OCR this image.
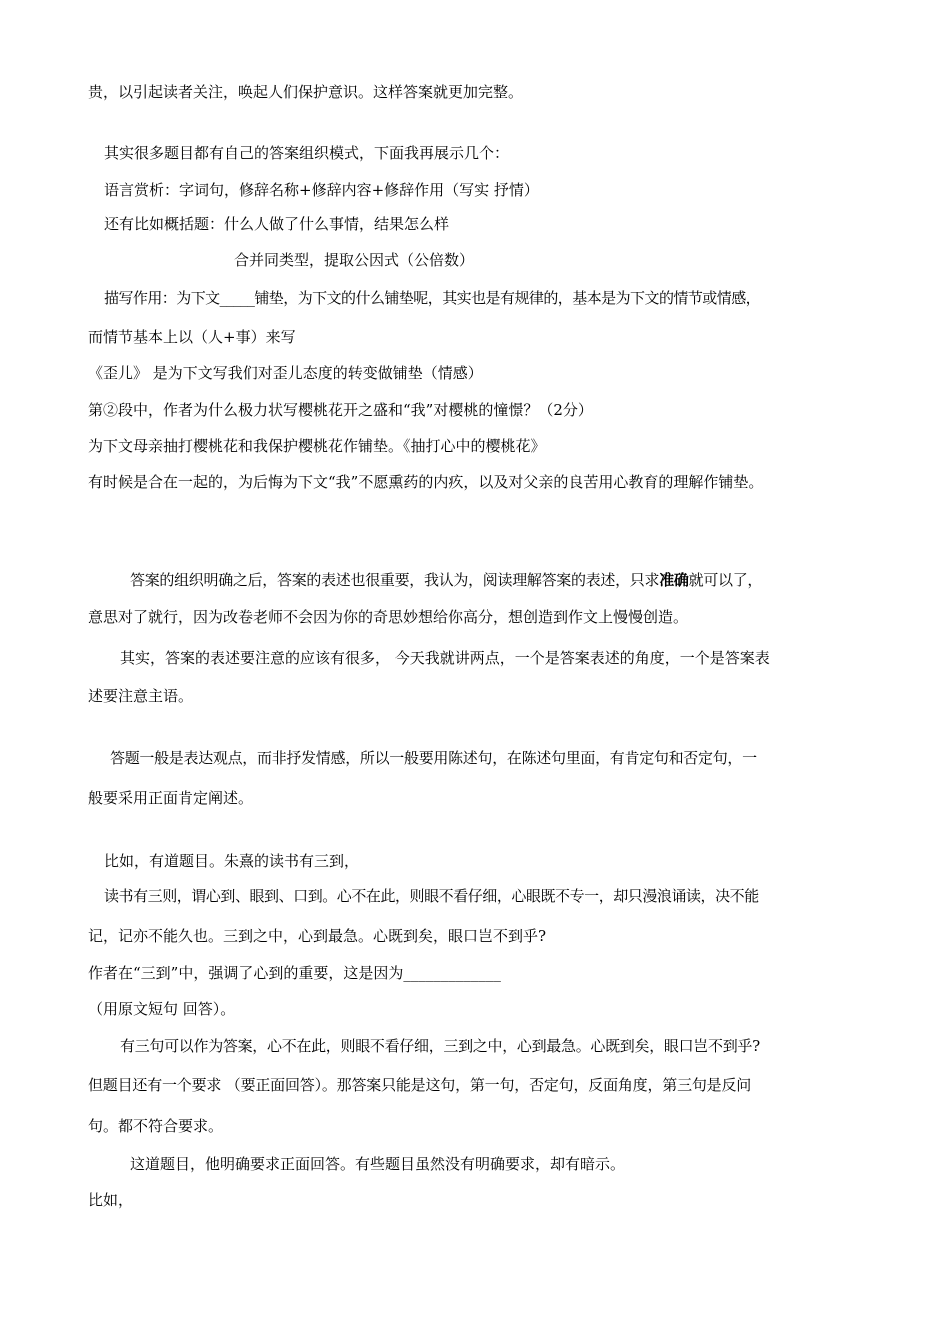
贵，以引起读者关注，唤起人们保护意识。这样答案就更加完整。
其实很多题目都有自己的答案组织模式，下面我再展示几个：
语言赏析：字词句，修辞名称+修辞内容+修辞作用（写实 抒情）
还有比如概括题：什么人做了什么事情，结果怎么样
合并同类型，提取公因式（公倍数）
描写作用：为下文_____铺垫，为下文的什么铺垫呢，其实也是有规律的，基本是为下文的情节或情感，
而情节基本上以（人+事）来写
《歪儿》 是为下文写我们对歪儿态度的转变做铺垫（情感）
第②段中，作者为什么极力状写樱桃花开之盛和“我”对樱桃的憧憬？（2分）
为下文母亲抽打樱桃花和我保护樱桃花作铺垫。《抽打心中的樱桃花》
有时候是合在一起的，为后悔为下文“我”不愿熏药的内疚，以及对父亲的良苦用心教育的理解作铺垫。
答案的组织明确之后，答案的表述也很重要，我认为，阅读理解答案的表述，只求准确就可以了，
意思对了就行，因为改卷老师不会因为你的奇思妙想给你高分，想创造到作文上慢慢创造。
其实，答案的表述要注意的应该有很多， 今天我就讲两点，一个是答案表述的角度，一个是答案表
述要注意主语。
答题一般是表达观点，而非抒发情感，所以一般要用陈述句，在陈述句里面，有肯定句和否定句，一
般要采用正面肯定阐述。
比如，有道题目。朱熹的读书有三到，
读书有三则，谓心到、眼到、口到。心不在此，则眼不看仔细，心眼既不专一，却只漫浪诵读，决不能
记，记亦不能久也。三到之中，心到最急。心既到矣，眼口岂不到乎?
作者在“三到”中，强调了心到的重要，这是因为_____________
（用原文短句 回答）。
有三句可以作为答案，心不在此，则眼不看仔细，三到之中，心到最急。心既到矣，眼口岂不到乎?
但题目还有一个要求 （要正面回答）。那答案只能是这句，第一句，否定句，反面角度，第三句是反问
句。都不符合要求。
这道题目，他明确要求正面回答。有些题目虽然没有明确要求，却有暗示。
比如，
